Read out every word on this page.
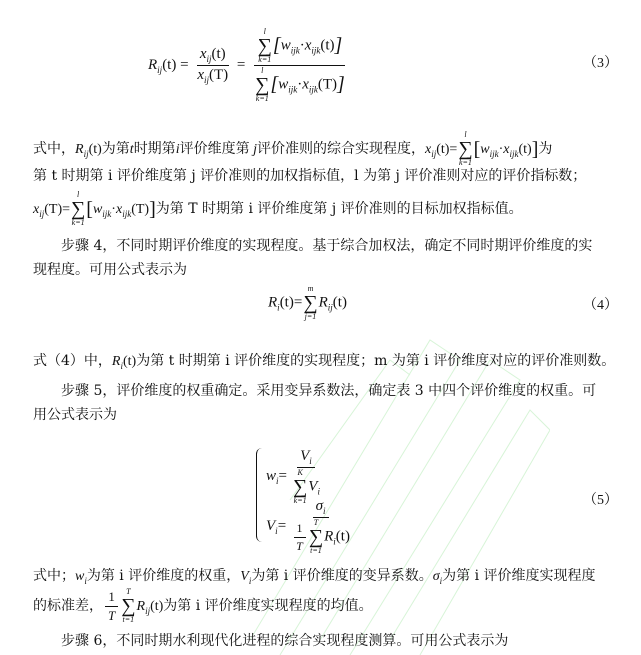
$R_{ij}(t) = \frac{x_{ij}(t)}{x_{ij}(T)} = l$
∑
k=1
$[w_{ijk}\cdot x_{ijk}(t)]$
l
∑
k=1
$[w_{ijk}\cdot x_{ijk}(T)]$	（3）
式中，$R_{ij}(t)$为第t时期第i评价维度第 j评价准则的综合实现程度，$x_{ij}(t)=$
l
∑
k=1
$[w_{ijk}\cdot x_{ijk}(t)]$为
第 t 时期第 i 评价维度第 j 评价准则的加权指标值，l 为第 j 评价准则对应的评价指标数；
$x_{ij}(T)=$
l
∑
k=1
$[w_{ijk}\cdot x_{ijk}(T)]$为第 T 时期第 i 评价维度第 j 评价准则的目标加权指标值。
步骤 4，不同时期评价维度的实现程度。基于综合加权法，确定不同时期评价维度的实
现程度。可用公式表示为
$R_i(t)=$
m
∑
j=1
$R_{ij}(t)$	（4）
式（4）中，$R_i(t)$为第 t 时期第 i 评价维度的实现程度；m 为第 i 评价维度对应的评价准则数。
步骤 5，评价维度的权重确定。采用变异系数法，确定表 3 中四个评价维度的权重。可
用公式表示为
$w_i= V_i$
K
∑
k=1
$V_i$
$V_i= \sigma_i$
$\frac{1}{T}$ T
∑
t=1
$R_i(t)$	（5）
式中；$w_i$为第 i 评价维度的权重，$V_i$为第 i 评价维度的变异系数。$\sigma_i$为第 i 评价维度实现程度
的标准差， $\frac{1}{T}$ T
∑
t=1
$R_{ij}(t)$为第 i 评价维度实现程度的均值。
步骤 6，不同时期水利现代化进程的综合实现程度测算。可用公式表示为
